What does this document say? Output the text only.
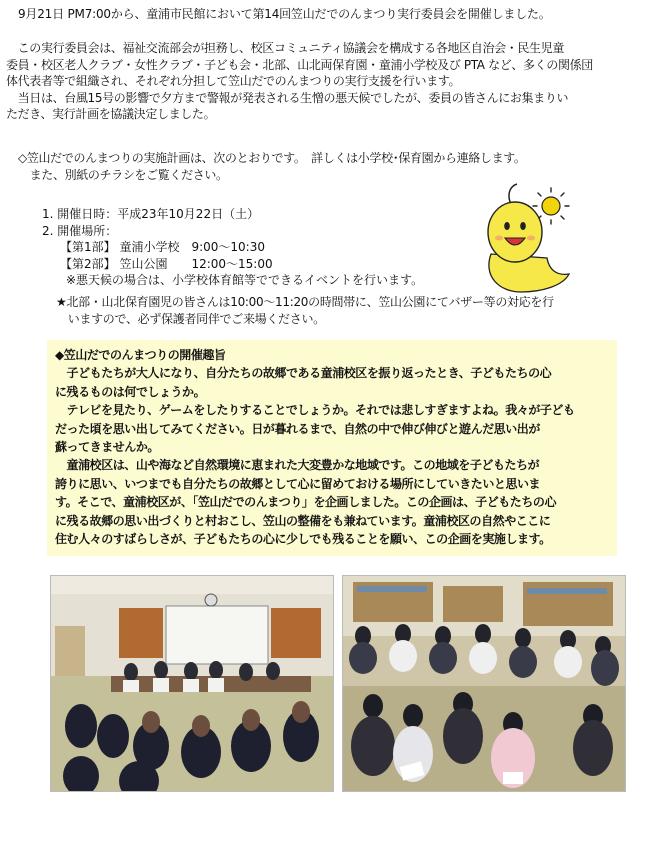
9月21日 PM7:00から、童浦市民館において第14回笠山だでのんまつり実行委員会を開催しました。
　この実行委員会は、福祉交流部会が担務し、校区コミュニティ協議会を構成する各地区自治会・民生児童
委員・校区老人クラブ・女性クラブ・子ども会・北部、山北両保育園・童浦小学校及び PTA など、多くの関係団
体代表者等で組織され、それぞれ分担して笠山だでのんまつりの実行支援を行います。
　当日は、台風15号の影響で夕方まで警報が発表される生憎の悪天候でしたが、委員の皆さんにお集まりい
ただき、実行計画を協議決定しました。
◇笠山だでのんまつりの実施計画は、次のとおりです。　詳しくは小学校･保育園から連絡します。
　また、別紙のチラシをご覧ください。
1. 開催日時：平成23年10月22日（土）
2. 開催場所：
【第1部】 童浦小学校　9:00～10:30
【第2部】 笠山公園　　12:00～15:00
※悪天候の場合は、小学校体育館等でできるイベントを行います。
★北部・山北保育園児の皆さんは10:00～11:20の時間帯に、笠山公園にてバザー等の対応を行
　いますので、必ず保護者同伴でご来場ください。
◆笠山だでのんまつりの開催趣旨
　子どもたちが大人になり、自分たちの故郷である童浦校区を振り返ったとき、子どもたちの心
に残るものは何でしょうか。
　テレビを見たり、ゲームをしたりすることでしょうか。それでは悲しすぎますよね。我々が子ども
だった頃を思い出してみてください。日が暮れるまで、自然の中で伸び伸びと遊んだ思い出が
蘇ってきませんか。
　童浦校区は、山や海など自然環境に恵まれた大変豊かな地域です。この地域を子どもたちが
誇りに思い、いつまでも自分たちの故郷として心に留めておける場所にしていきたいと思いま
す。そこで、童浦校区が、「笠山だでのんまつり」を企画しました。この企画は、子どもたちの心
に残る故郷の思い出づくりと村おこし、笠山の整備をも兼ねています。童浦校区の自然やここに
住む人々のすばらしさが、子どもたちの心に少しでも残ることを願い、この企画を実施します。
